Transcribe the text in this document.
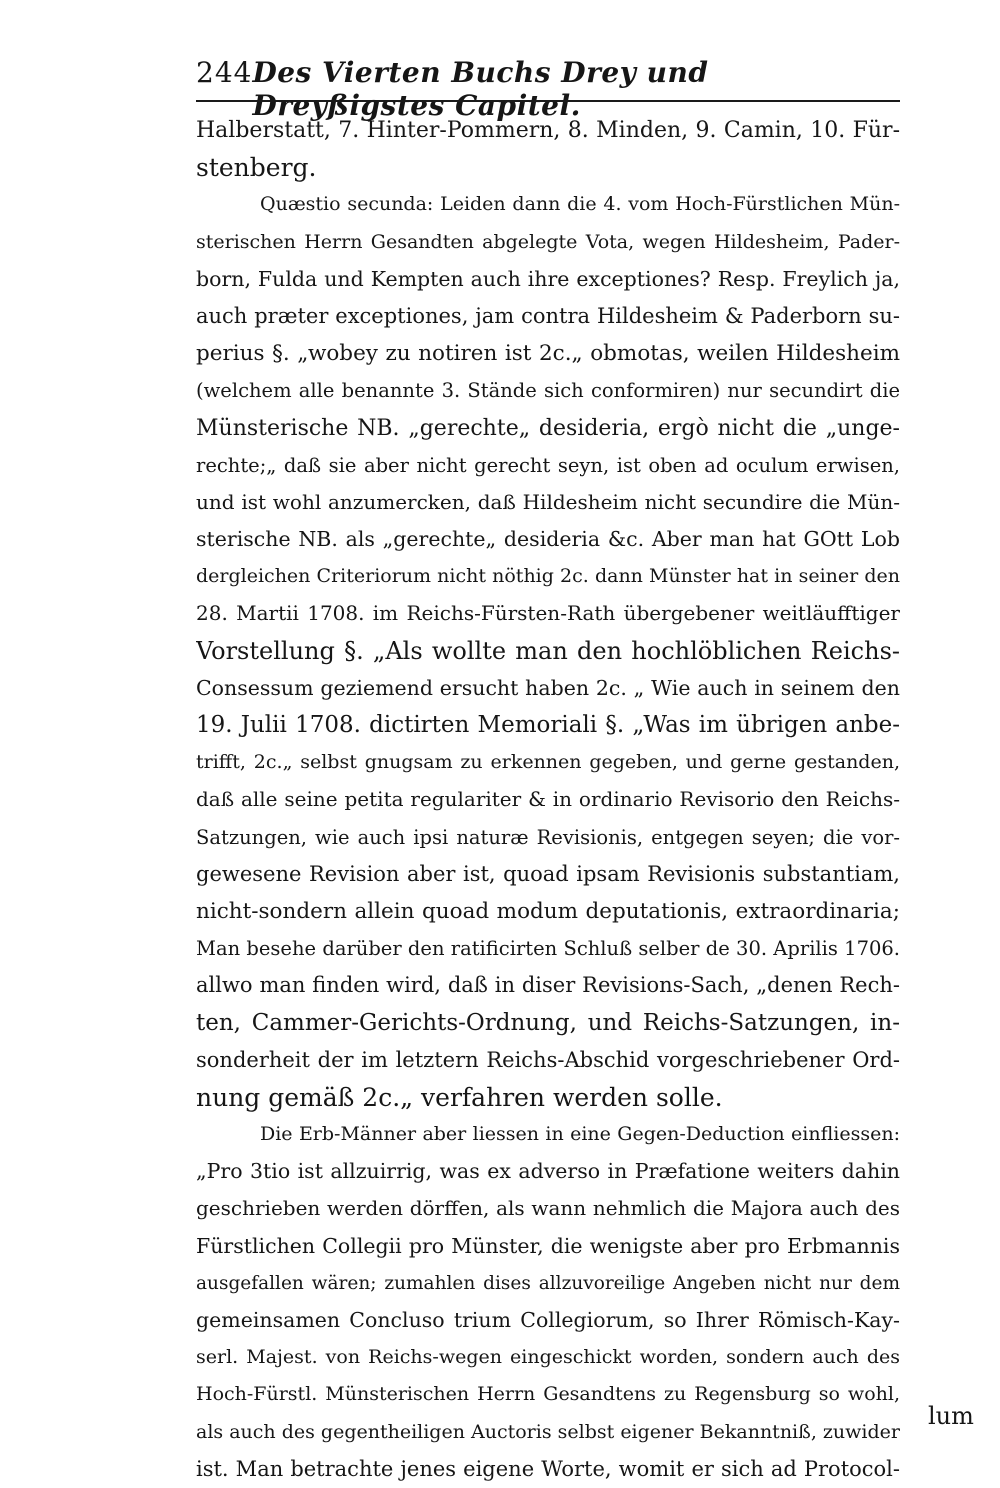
244 Des Vierten Buchs Drey und Dreyßigstes Capitel.
Halberstatt, 7. Hinter-Pommern, 8. Minden, 9. Camin, 10. Für-
stenberg.
Quæstio secunda: Leiden dann die 4. vom Hoch-Fürstlichen Mün-
sterischen Herrn Gesandten abgelegte Vota, wegen Hildesheim, Pader-
born, Fulda und Kempten auch ihre exceptiones? Resp. Freylich ja,
auch præter exceptiones, jam contra Hildesheim & Paderborn su-
perius §. „wobey zu notiren ist 2c.„ obmotas, weilen Hildesheim
(welchem alle benannte 3. Stände sich conformiren) nur secundirt die
Münsterische NB. „gerechte„ desideria, ergò nicht die „unge-
rechte;„ daß sie aber nicht gerecht seyn, ist oben ad oculum erwisen,
und ist wohl anzumercken, daß Hildesheim nicht secundire die Mün-
sterische NB. als „gerechte„ desideria &c. Aber man hat GOtt Lob
dergleichen Criteriorum nicht nöthig 2c. dann Münster hat in seiner den
28. Martii 1708. im Reichs-Fürsten-Rath übergebener weitläufftiger
Vorstellung §. „Als wollte man den hochlöblichen Reichs-
Consessum geziemend ersucht haben 2c. „ Wie auch in seinem den
19. Julii 1708. dictirten Memoriali §. „Was im übrigen anbe-
trifft, 2c.„ selbst gnugsam zu erkennen gegeben, und gerne gestanden,
daß alle seine petita regulariter & in ordinario Revisorio den Reichs-
Satzungen, wie auch ipsi naturæ Revisionis, entgegen seyen; die vor-
gewesene Revision aber ist, quoad ipsam Revisionis substantiam,
nicht-sondern allein quoad modum deputationis, extraordinaria;
Man besehe darüber den ratificirten Schluß selber de 30. Aprilis 1706.
allwo man finden wird, daß in diser Revisions-Sach, „denen Rech-
ten, Cammer-Gerichts-Ordnung, und Reichs-Satzungen, in-
sonderheit der im letztern Reichs-Abschid vorgeschriebener Ord-
nung gemäß 2c.„ verfahren werden solle.
Die Erb-Männer aber liessen in eine Gegen-Deduction einfliessen:
„Pro 3tio ist allzuirrig, was ex adverso in Præfatione weiters dahin
geschrieben werden dörffen, als wann nehmlich die Majora auch des
Fürstlichen Collegii pro Münster, die wenigste aber pro Erbmannis
ausgefallen wären; zumahlen dises allzuvoreilige Angeben nicht nur dem
gemeinsamen Concluso trium Collegiorum, so Ihrer Römisch-Kay-
serl. Majest. von Reichs-wegen eingeschickt worden, sondern auch des
Hoch-Fürstl. Münsterischen Herrn Gesandtens zu Regensburg so wohl,
als auch des gegentheiligen Auctoris selbst eigener Bekanntniß, zuwider
ist. Man betrachte jenes eigene Worte, womit er sich ad Protocol-
lum
